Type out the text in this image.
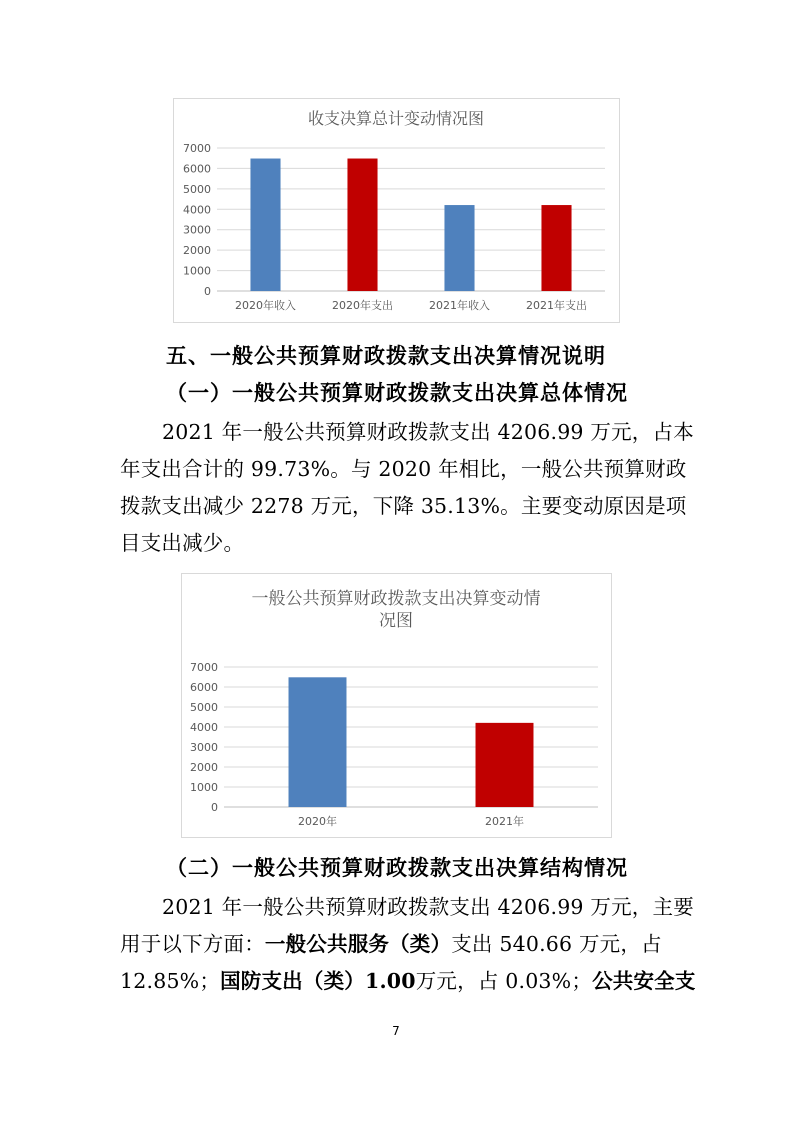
收支决算总计变动情况图
0
1000
2000
3000
4000
5000
6000
7000
2020年收入	2020年支出	2021年收入	2021年支出
五、一般公共预算财政拨款支出决算情况说明
（一）一般公共预算财政拨款支出决算总体情况
2021 年一般公共预算财政拨款支出 4206.99 万元，占本
年支出合计的 99.73%。与 2020 年相比，一般公共预算财政
拨款支出减少 2278 万元，下降 35.13%。主要变动原因是项
目支出减少。
一般公共预算财政拨款支出决算变动情
况图
0
1000
2000
3000
4000
5000
6000
7000
2020年	2021年
（二）一般公共预算财政拨款支出决算结构情况
2021 年一般公共预算财政拨款支出 4206.99 万元，主要
用于以下方面：一般公共服务（类）支出 540.66 万元，占
12.85%；国防支出（类）1.00万元，占 0.03%；公共安全支
7
